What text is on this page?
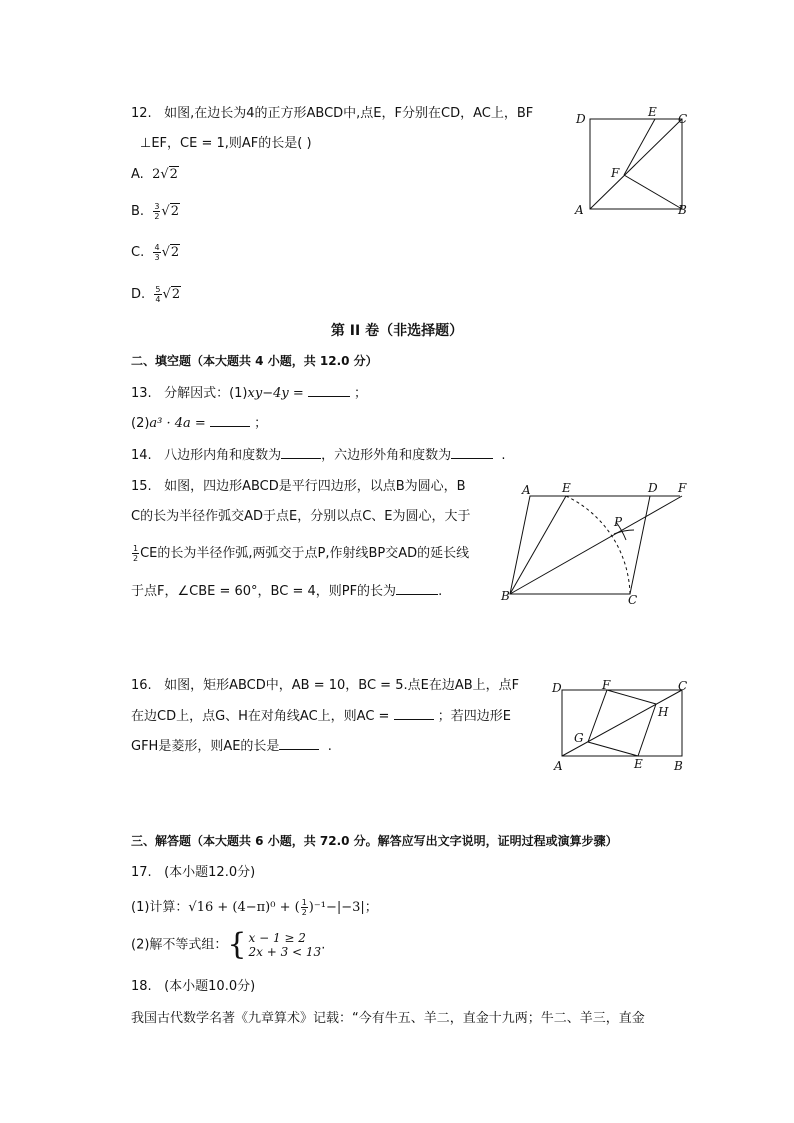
12. 如图,在边长为4的正方形ABCD中,点E，F分别在CD，AC上，BF
⊥EF，CE = 1,则AF的长是( )
A. 2√2
B. $\frac{3}{2} √2$
C. $\frac{4}{3} √2$
D. $\frac{5}{4} √2$
D	E C
F
A	B
第 II 卷（非选择题）
二、填空题（本大题共 4 小题，共 12.0 分）
13. 分解因式：(1)xy−4y =	；
(2)a³ · 4a =	；
14. 八边形内角和度数为	，六边形外角和度数为	.
15. 如图，四边形ABCD是平行四边形，以点B为圆心，B
C的长为半径作弧交AD于点E，分别以点C、E为圆心，大于
$\frac{1}{2}$ CE的长为半径作弧,两弧交于点P,作射线BP交AD的延长线
于点F，∠CBE = 60°，BC = 4，则PF的长为	.
A	E	D F
P
B	C
16. 如图，矩形ABCD中，AB = 10，BC = 5.点E在边AB上，点F
在边CD上，点G、H在对角线AC上，则AC =	；若四边形E
GFH是菱形，则AE的长是	.
D	F	C
H
G
A	E	B
三、解答题（本大题共 6 小题，共 72.0 分。解答应写出文字说明，证明过程或演算步骤）
17. (本小题12.0分)
(1)计算：√16 + (4−π)⁰ + ( $\frac{1}{2} )^{-1}-|-3|$；
(2)解不等式组：{ x − 1 ≥ 2
2x + 3 < 13 .
18. (本小题10.0分)
我国古代数学名著《九章算术》记载：“今有牛五、羊二，直金十九两；牛二、羊三，直金
